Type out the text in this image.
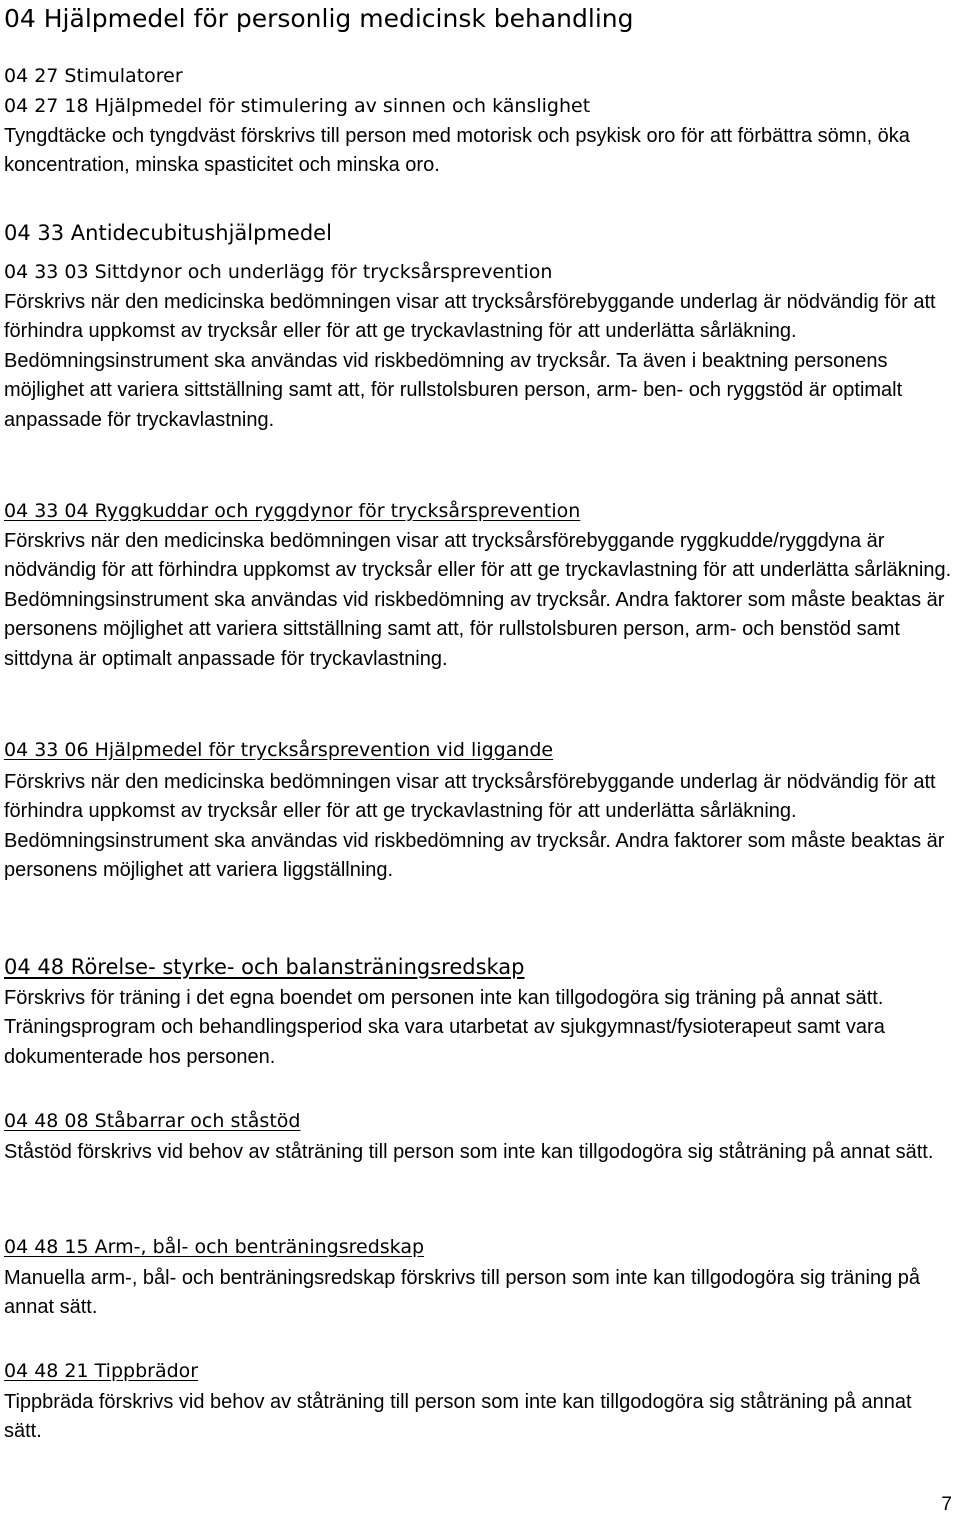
04 Hjälpmedel för personlig medicinsk behandling
04 27 Stimulatorer
04 27 18 Hjälpmedel för stimulering av sinnen och känslighet

Tyngdtäcke och tyngdväst förskrivs till person med motorisk och psykisk oro för att förbättra sömn, öka koncentration, minska spasticitet och minska oro.

04 33 Antidecubitushjälpmedel
04 33 03 Sittdynor och underlägg för trycksårsprevention

Förskrivs när den medicinska bedömningen visar att trycksårsförebyggande underlag är nödvändig för att förhindra uppkomst av trycksår eller för att ge tryckavlastning för att underlätta sårläkning. Bedömningsinstrument ska användas vid riskbedömning av trycksår. Ta även i beaktning personens möjlighet att variera sittställning samt att, för rullstolsburen person, arm- ben- och ryggstöd är optimalt anpassade för tryckavlastning.

04 33 04 Ryggkuddar och ryggdynor för trycksårsprevention

Förskrivs när den medicinska bedömningen visar att trycksårsförebyggande ryggkudde/ryggdyna är nödvändig för att förhindra uppkomst av trycksår eller för att ge tryckavlastning för att underlätta sårläkning. Bedömningsinstrument ska användas vid riskbedömning av trycksår. Andra faktorer som måste beaktas är personens möjlighet att variera sittställning samt att, för rullstolsburen person, arm- och benstöd samt sittdyna är optimalt anpassade för tryckavlastning.

04 33 06 Hjälpmedel för trycksårsprevention vid liggande

Förskrivs när den medicinska bedömningen visar att trycksårsförebyggande underlag är nödvändig för att förhindra uppkomst av trycksår eller för att ge tryckavlastning för att underlätta sårläkning. Bedömningsinstrument ska användas vid riskbedömning av trycksår. Andra faktorer som måste beaktas är personens möjlighet att variera liggställning.

04 48 Rörelse- styrke- och balansträningsredskap

Förskrivs för träning i det egna boendet om personen inte kan tillgodogöra sig träning på annat sätt. Träningsprogram och behandlingsperiod ska vara utarbetat av sjukgymnast/fysioterapeut samt vara dokumenterade hos personen.

04 48 08 Ståbarrar och ståstöd

Ståstöd förskrivs vid behov av ståträning till person som inte kan tillgodogöra sig ståträning på annat sätt.

04 48 15 Arm-, bål- och benträningsredskap

Manuella arm-, bål- och benträningsredskap förskrivs till person som inte kan tillgodogöra sig träning på annat sätt.

04 48 21 Tippbrädor

Tippbräda förskrivs vid behov av ståträning till person som inte kan tillgodogöra sig ståträning på annat sätt.

7
